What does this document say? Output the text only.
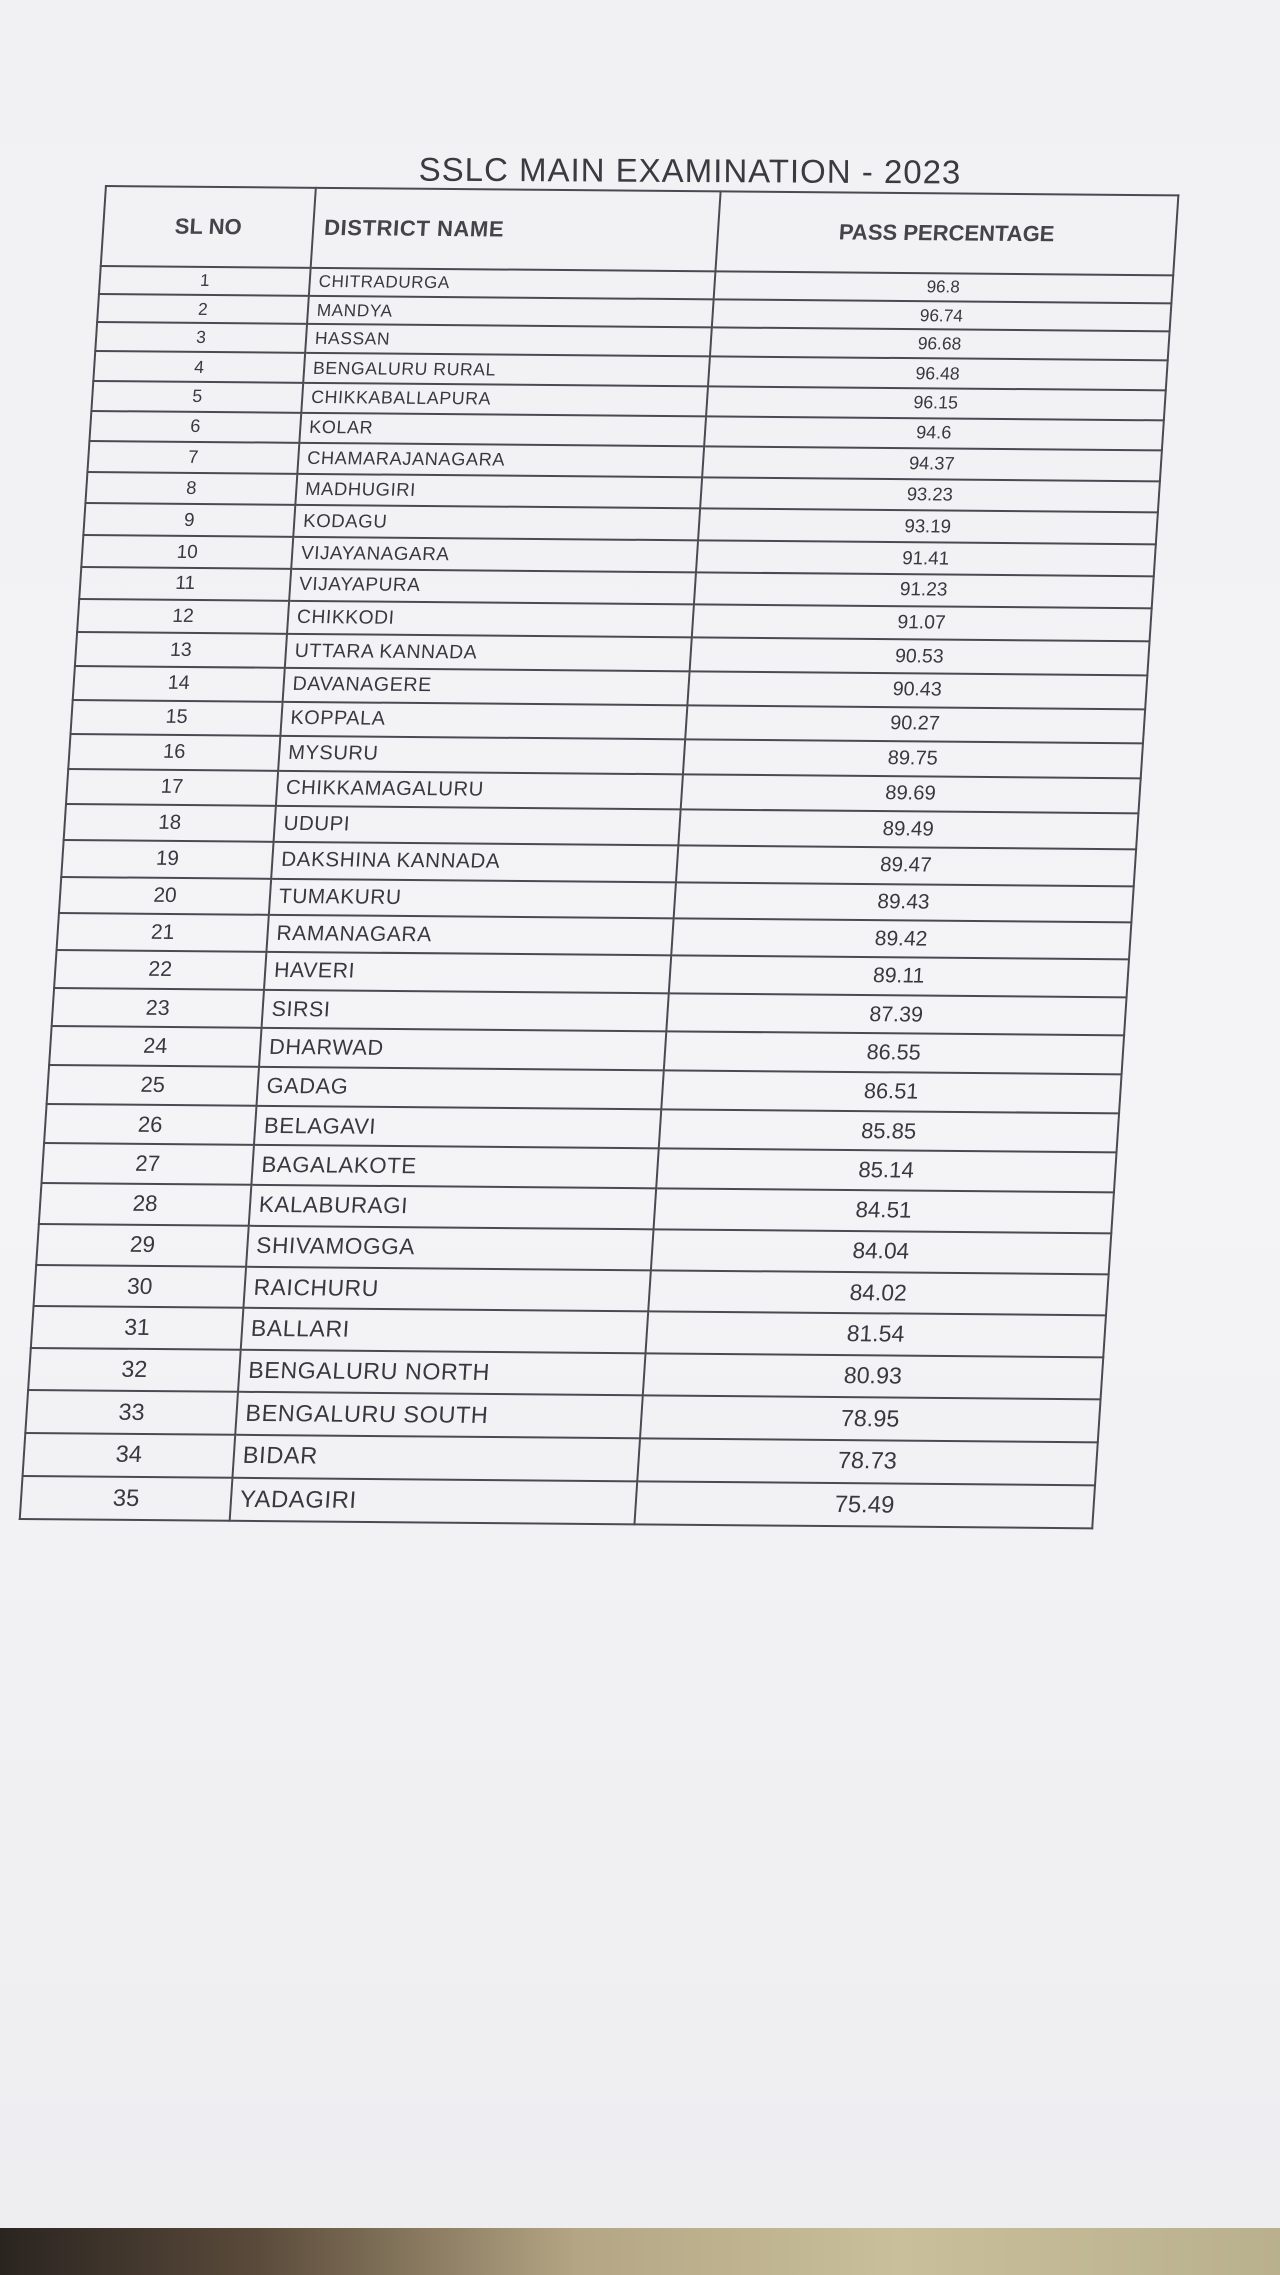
SSLC MAIN EXAMINATION - 2023
SL NO	DISTRICT NAME	PASS PERCENTAGE
1	CHITRADURGA	96.8
2	MANDYA	96.74
3	HASSAN	96.68
4	BENGALURU RURAL	96.48
5	CHIKKABALLAPURA	96.15
6	KOLAR	94.6
7	CHAMARAJANAGARA	94.37
8	MADHUGIRI	93.23
9	KODAGU	93.19
10	VIJAYANAGARA	91.41
11	VIJAYAPURA	91.23
12	CHIKKODI	91.07
13	UTTARA KANNADA	90.53
14	DAVANAGERE	90.43
15	KOPPALA	90.27
16	MYSURU	89.75
17	CHIKKAMAGALURU	89.69
18	UDUPI	89.49
19	DAKSHINA KANNADA	89.47
20	TUMAKURU	89.43
21	RAMANAGARA	89.42
22	HAVERI	89.11
23	SIRSI	87.39
24	DHARWAD	86.55
25	GADAG	86.51
26	BELAGAVI	85.85
27	BAGALAKOTE	85.14
28	KALABURAGI	84.51
29	SHIVAMOGGA	84.04
30	RAICHURU	84.02
31	BALLARI	81.54
32	BENGALURU NORTH	80.93
33	BENGALURU SOUTH	78.95
34	BIDAR	78.73
35	YADAGIRI	75.49
